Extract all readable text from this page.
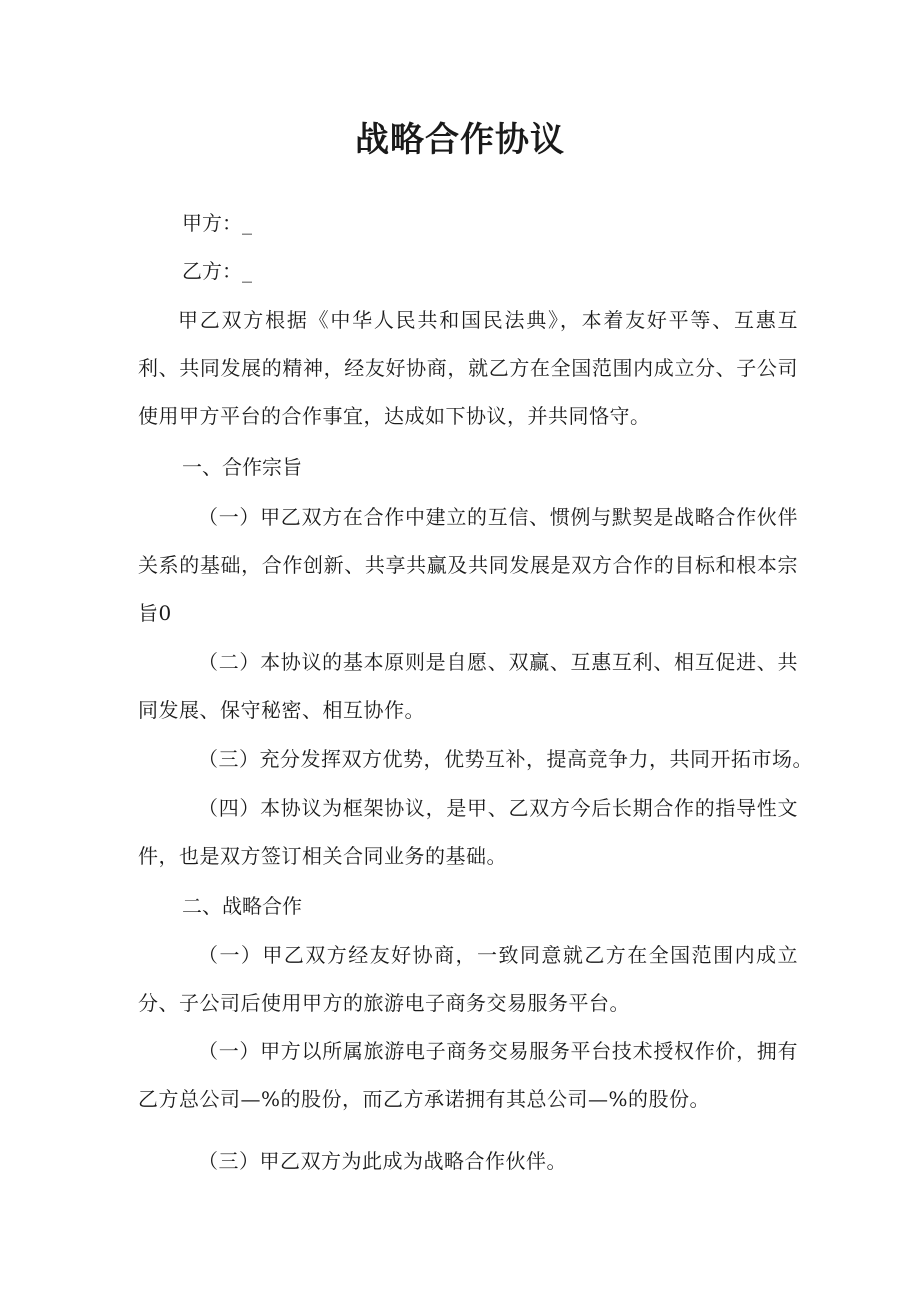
战略合作协议

甲方：_

乙方：_

甲乙双方根据《中华人民共和国民法典》，本着友好平等、互惠互利、共同发展的精神，经友好协商，就乙方在全国范围内成立分、子公司使用甲方平台的合作事宜，达成如下协议，并共同恪守。

一、合作宗旨

（一）甲乙双方在合作中建立的互信、惯例与默契是战略合作伙伴关系的基础，合作创新、共享共赢及共同发展是双方合作的目标和根本宗旨0

（二）本协议的基本原则是自愿、双赢、互惠互利、相互促进、共同发展、保守秘密、相互协作。

（三）充分发挥双方优势，优势互补，提高竞争力，共同开拓市场。

（四）本协议为框架协议，是甲、乙双方今后长期合作的指导性文件，也是双方签订相关合同业务的基础。

二、战略合作

（一）甲乙双方经友好协商，一致同意就乙方在全国范围内成立分、子公司后使用甲方的旅游电子商务交易服务平台。

（一）甲方以所属旅游电子商务交易服务平台技术授权作价，拥有乙方总公司—%的股份，而乙方承诺拥有其总公司—%的股份。

（三）甲乙双方为此成为战略合作伙伴。
